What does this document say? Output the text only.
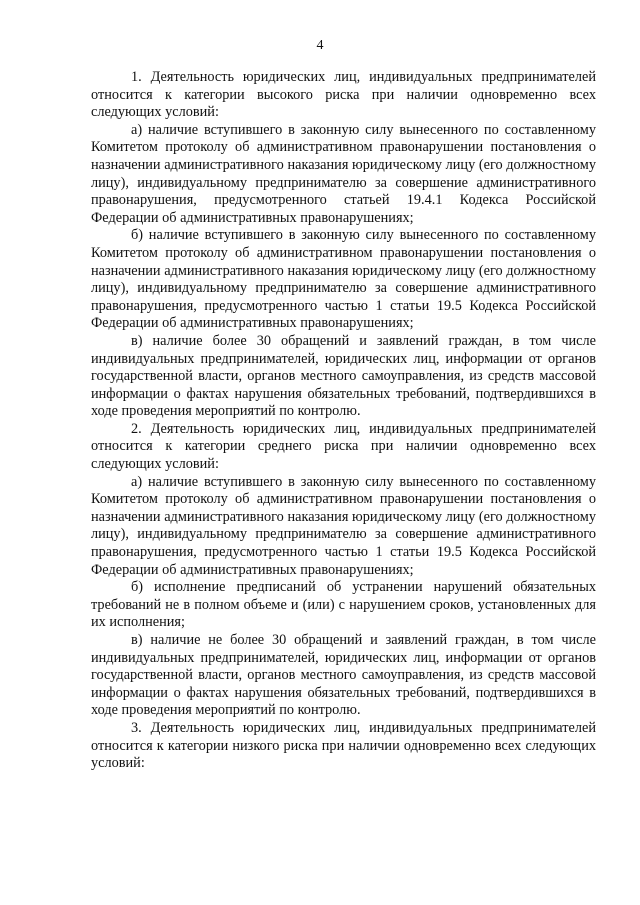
4

1. Деятельность юридических лиц, индивидуальных предпринимателей относится к категории высокого риска при наличии одновременно всех следующих условий:

а) наличие вступившего в законную силу вынесенного по составленному Комитетом протоколу об административном правонарушении постановления о назначении административного наказания юридическому лицу (его должностному лицу), индивидуальному предпринимателю за совершение административного правонарушения, предусмотренного статьей 19.4.1 Кодекса Российской Федерации об административных правонарушениях;

б) наличие вступившего в законную силу вынесенного по составленному Комитетом протоколу об административном правонарушении постановления о назначении административного наказания юридическому лицу (его должностному лицу), индивидуальному предпринимателю за совершение административного правонарушения, предусмотренного частью 1 статьи 19.5 Кодекса Российской Федерации об административных правонарушениях;

в) наличие более 30 обращений и заявлений граждан, в том числе индивидуальных предпринимателей, юридических лиц, информации от органов государственной власти, органов местного самоуправления, из средств массовой информации о фактах нарушения обязательных требований, подтвердившихся в ходе проведения мероприятий по контролю.

2. Деятельность юридических лиц, индивидуальных предпринимателей относится к категории среднего риска при наличии одновременно всех следующих условий:

а) наличие вступившего в законную силу вынесенного по составленному Комитетом протоколу об административном правонарушении постановления о назначении административного наказания юридическому лицу (его должностному лицу), индивидуальному предпринимателю за совершение административного правонарушения, предусмотренного частью 1 статьи 19.5 Кодекса Российской Федерации об административных правонарушениях;

б) исполнение предписаний об устранении нарушений обязательных требований не в полном объеме и (или) с нарушением сроков, установленных для их исполнения;

в) наличие не более 30 обращений и заявлений граждан, в том числе индивидуальных предпринимателей, юридических лиц, информации от органов государственной власти, органов местного самоуправления, из средств массовой информации о фактах нарушения обязательных требований, подтвердившихся в ходе проведения мероприятий по контролю.

3. Деятельность юридических лиц, индивидуальных предпринимателей относится к категории низкого риска при наличии одновременно всех следующих условий:
